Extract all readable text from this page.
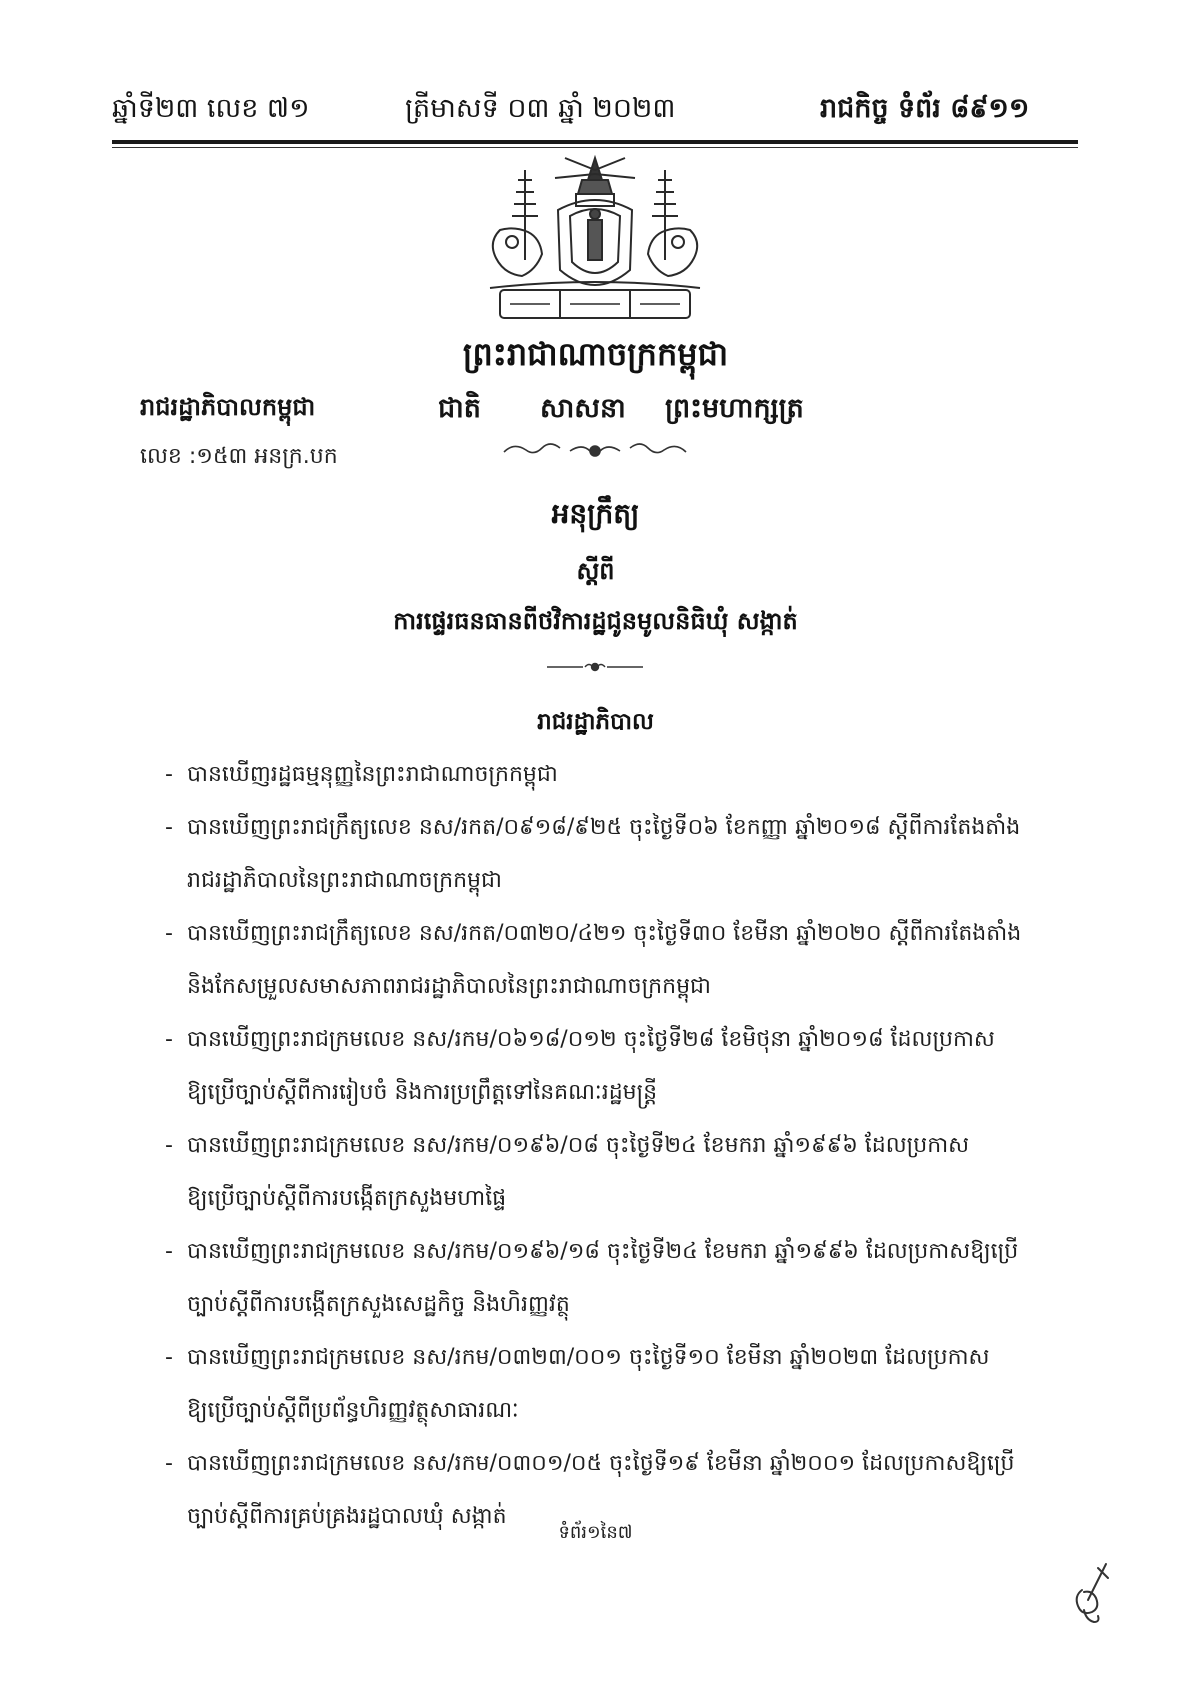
ឆ្នាំទី២៣ លេខ ៧១	ត្រីមាសទី ០៣ ឆ្នាំ ២០២៣	រាជកិច្ច ទំព័រ ៨៩១១
ព្រះរាជាណាចក្រកម្ពុជា
រាជរដ្ឋាភិបាលកម្ពុជា	ជាតិ សាសនា ព្រះមហាក្សត្រ
លេខ :១៥៣ អនក្រ.បក
អនុក្រឹត្យ
ស្តីពី
ការផ្ទេរធនធានពីថវិការដ្ឋជូនមូលនិធិឃុំ សង្កាត់
រាជរដ្ឋាភិបាល
- បានឃើញរដ្ឋធម្មនុញ្ញនៃព្រះរាជាណាចក្រកម្ពុជា
- បានឃើញព្រះរាជក្រឹត្យលេខ នស/រកត/០៩១៨/៩២៥ ចុះថ្ងៃទី០៦ ខែកញ្ញា ឆ្នាំ២០១៨ ស្តីពីការតែងតាំង
រាជរដ្ឋាភិបាលនៃព្រះរាជាណាចក្រកម្ពុជា
- បានឃើញព្រះរាជក្រឹត្យលេខ នស/រកត/០៣២០/៤២១ ចុះថ្ងៃទី៣០ ខែមីនា ឆ្នាំ២០២០ ស្តីពីការតែងតាំង
និងកែសម្រួលសមាសភាពរាជរដ្ឋាភិបាលនៃព្រះរាជាណាចក្រកម្ពុជា
- បានឃើញព្រះរាជក្រមលេខ នស/រកម/០៦១៨/០១២ ចុះថ្ងៃទី២៨ ខែមិថុនា ឆ្នាំ២០១៨ ដែលប្រកាស
ឱ្យប្រើច្បាប់ស្តីពីការរៀបចំ និងការប្រព្រឹត្តទៅនៃគណៈរដ្ឋមន្ត្រី
- បានឃើញព្រះរាជក្រមលេខ នស/រកម/០១៩៦/០៨ ចុះថ្ងៃទី២៤ ខែមករា ឆ្នាំ១៩៩៦ ដែលប្រកាស
ឱ្យប្រើច្បាប់ស្តីពីការបង្កើតក្រសួងមហាផ្ទៃ
- បានឃើញព្រះរាជក្រមលេខ នស/រកម/០១៩៦/១៨ ចុះថ្ងៃទី២៤ ខែមករា ឆ្នាំ១៩៩៦ ដែលប្រកាសឱ្យប្រើ
ច្បាប់ស្តីពីការបង្កើតក្រសួងសេដ្ឋកិច្ច និងហិរញ្ញវត្ថុ
- បានឃើញព្រះរាជក្រមលេខ នស/រកម/០៣២៣/០០១ ចុះថ្ងៃទី១០ ខែមីនា ឆ្នាំ២០២៣ ដែលប្រកាស
ឱ្យប្រើច្បាប់ស្តីពីប្រព័ន្ធហិរញ្ញវត្ថុសាធារណៈ
- បានឃើញព្រះរាជក្រមលេខ នស/រកម/០៣០១/០៥ ចុះថ្ងៃទី១៩ ខែមីនា ឆ្នាំ២០០១ ដែលប្រកាសឱ្យប្រើ
ច្បាប់ស្តីពីការគ្រប់គ្រងរដ្ឋបាលឃុំ សង្កាត់
ទំព័រ១នៃ៧
